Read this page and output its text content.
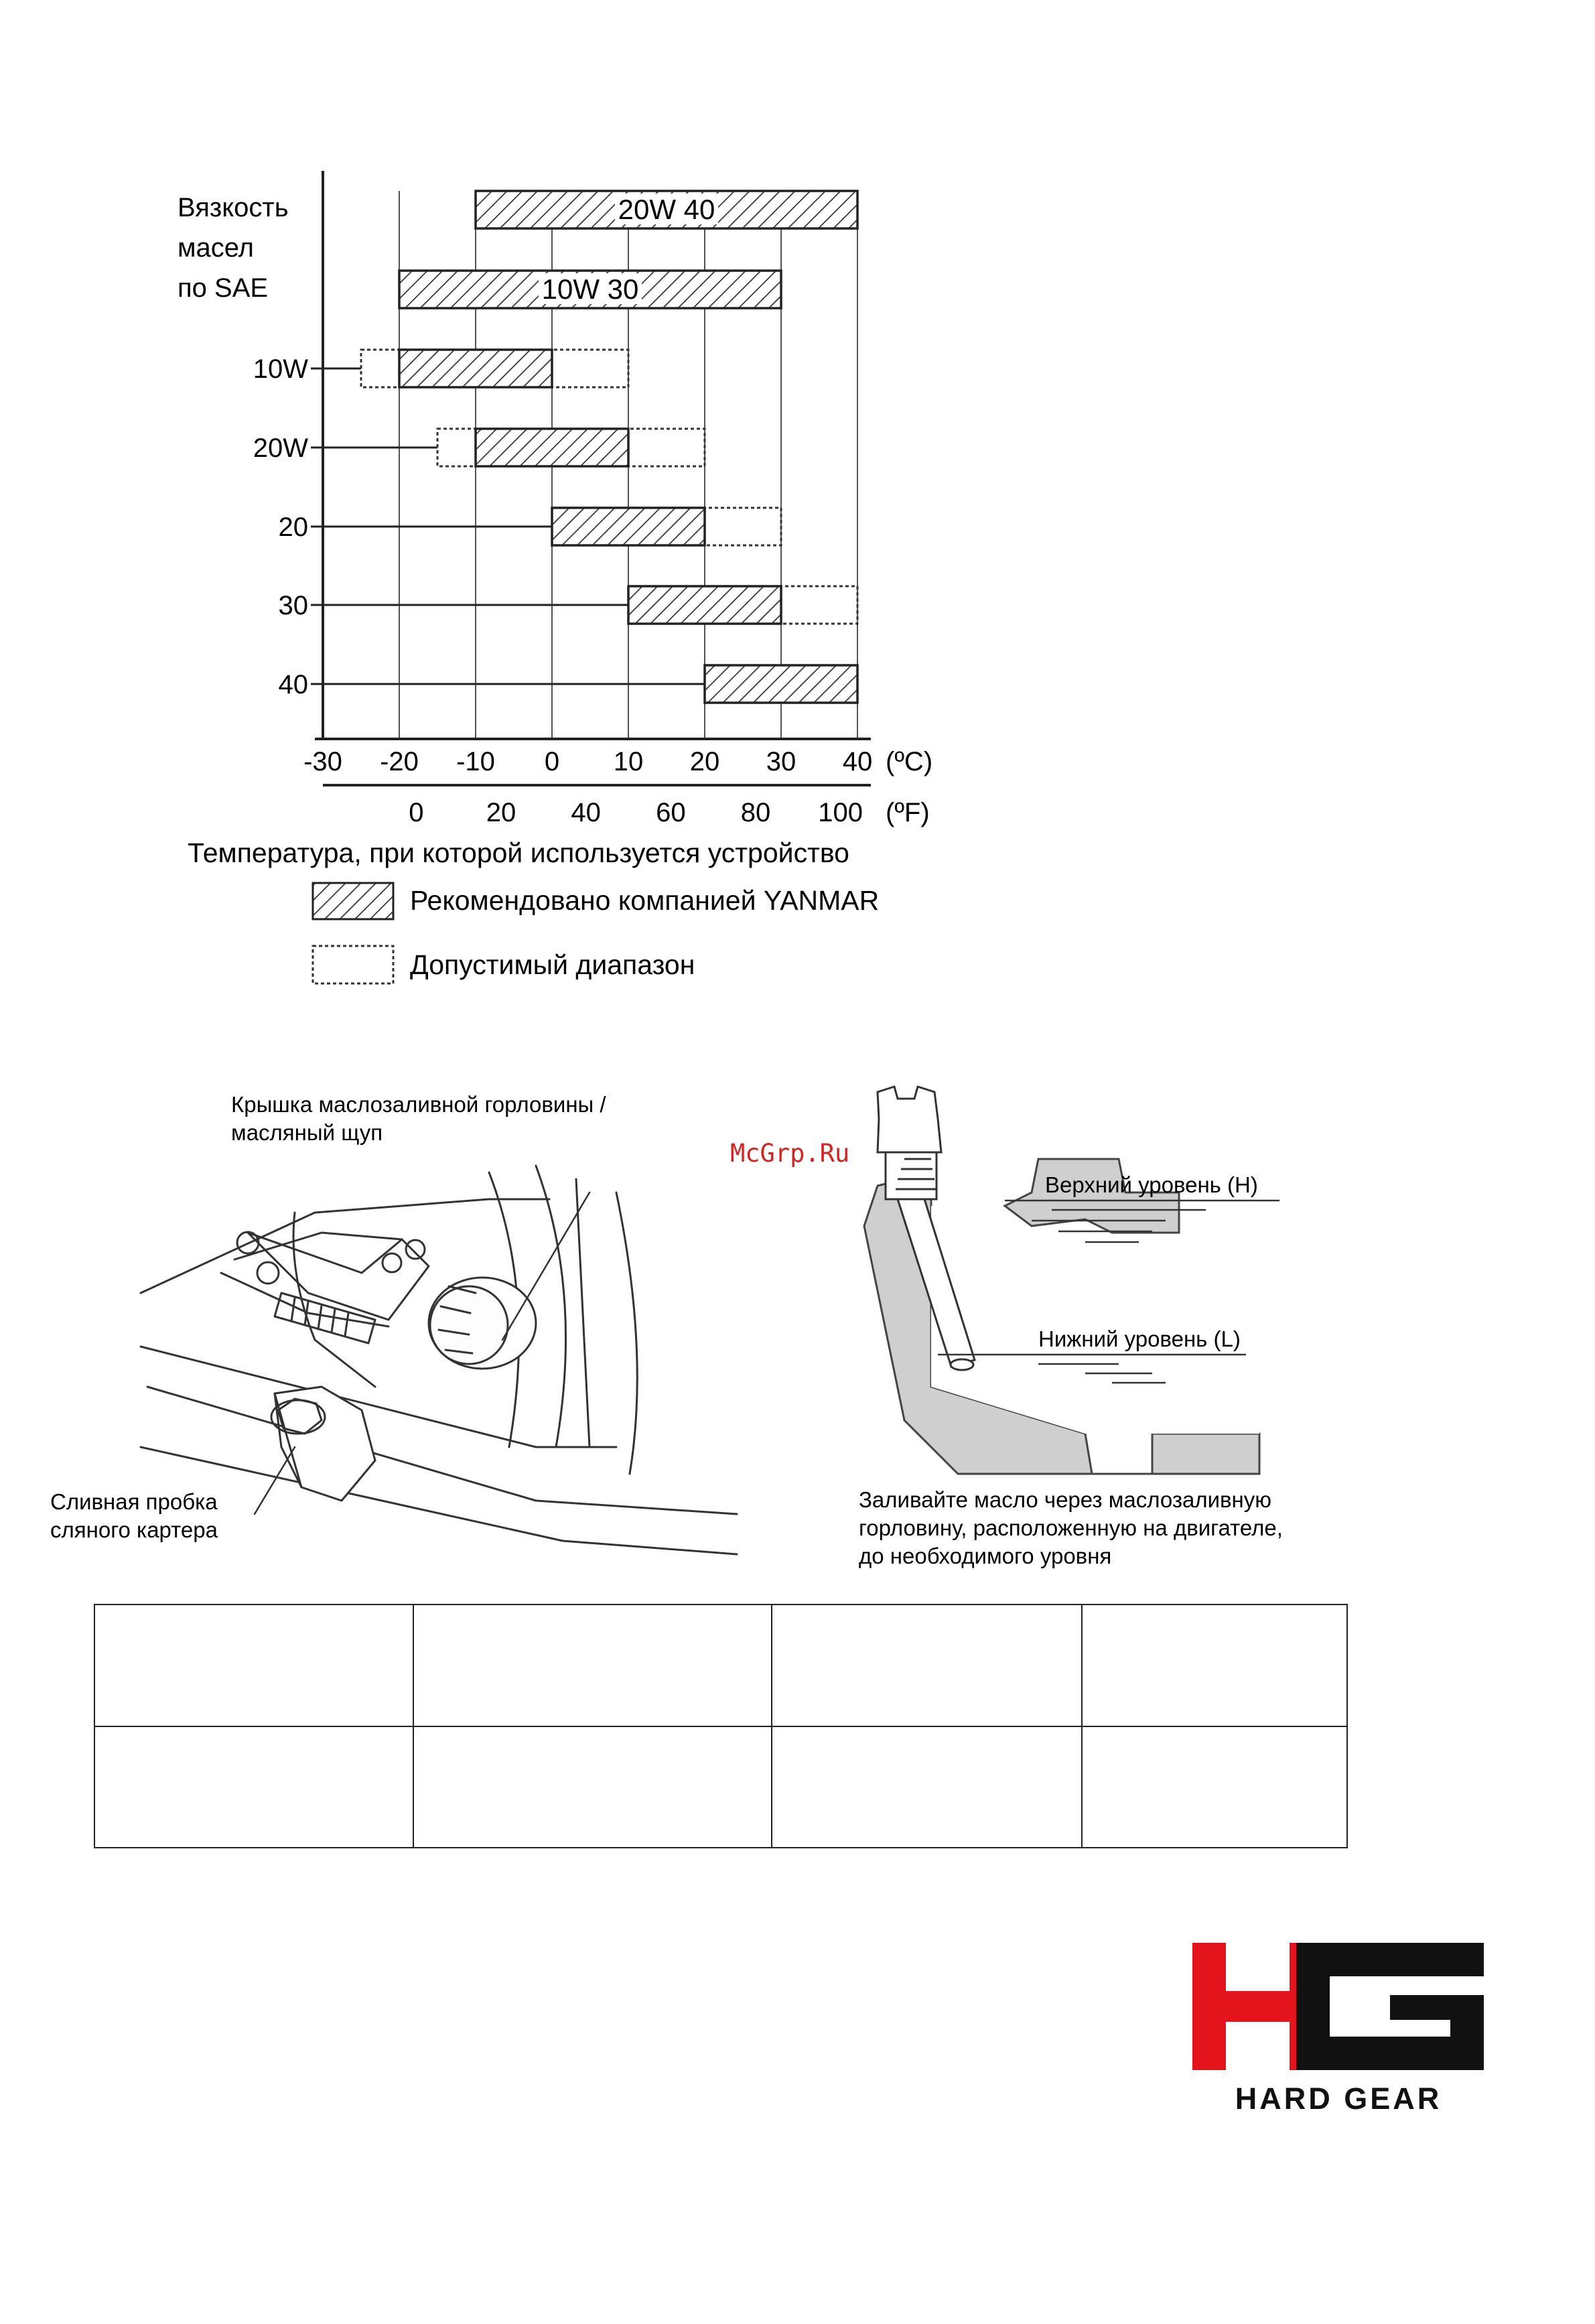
20W 40
10W 30
10W
20W
20
30
40
-30 -20 -10 0 10 20 30 40
0 20 40 60 80 100
Вязкость
масел
по SAE
(ºC)
(ºF)
Температура, при которой используется устройство
Рекомендовано компанией YANMAR
Допустимый диапазон
Крышка маслозаливной горловины /
масляный щуп
Сливная пробка
сляного картера
McGrp.Ru
Верхний уровень (H)
Нижний уровень (L)
Заливайте масло через маслозаливную
горловину, расположенную на двигателе,
до необходимого уровня

HARD GEAR
